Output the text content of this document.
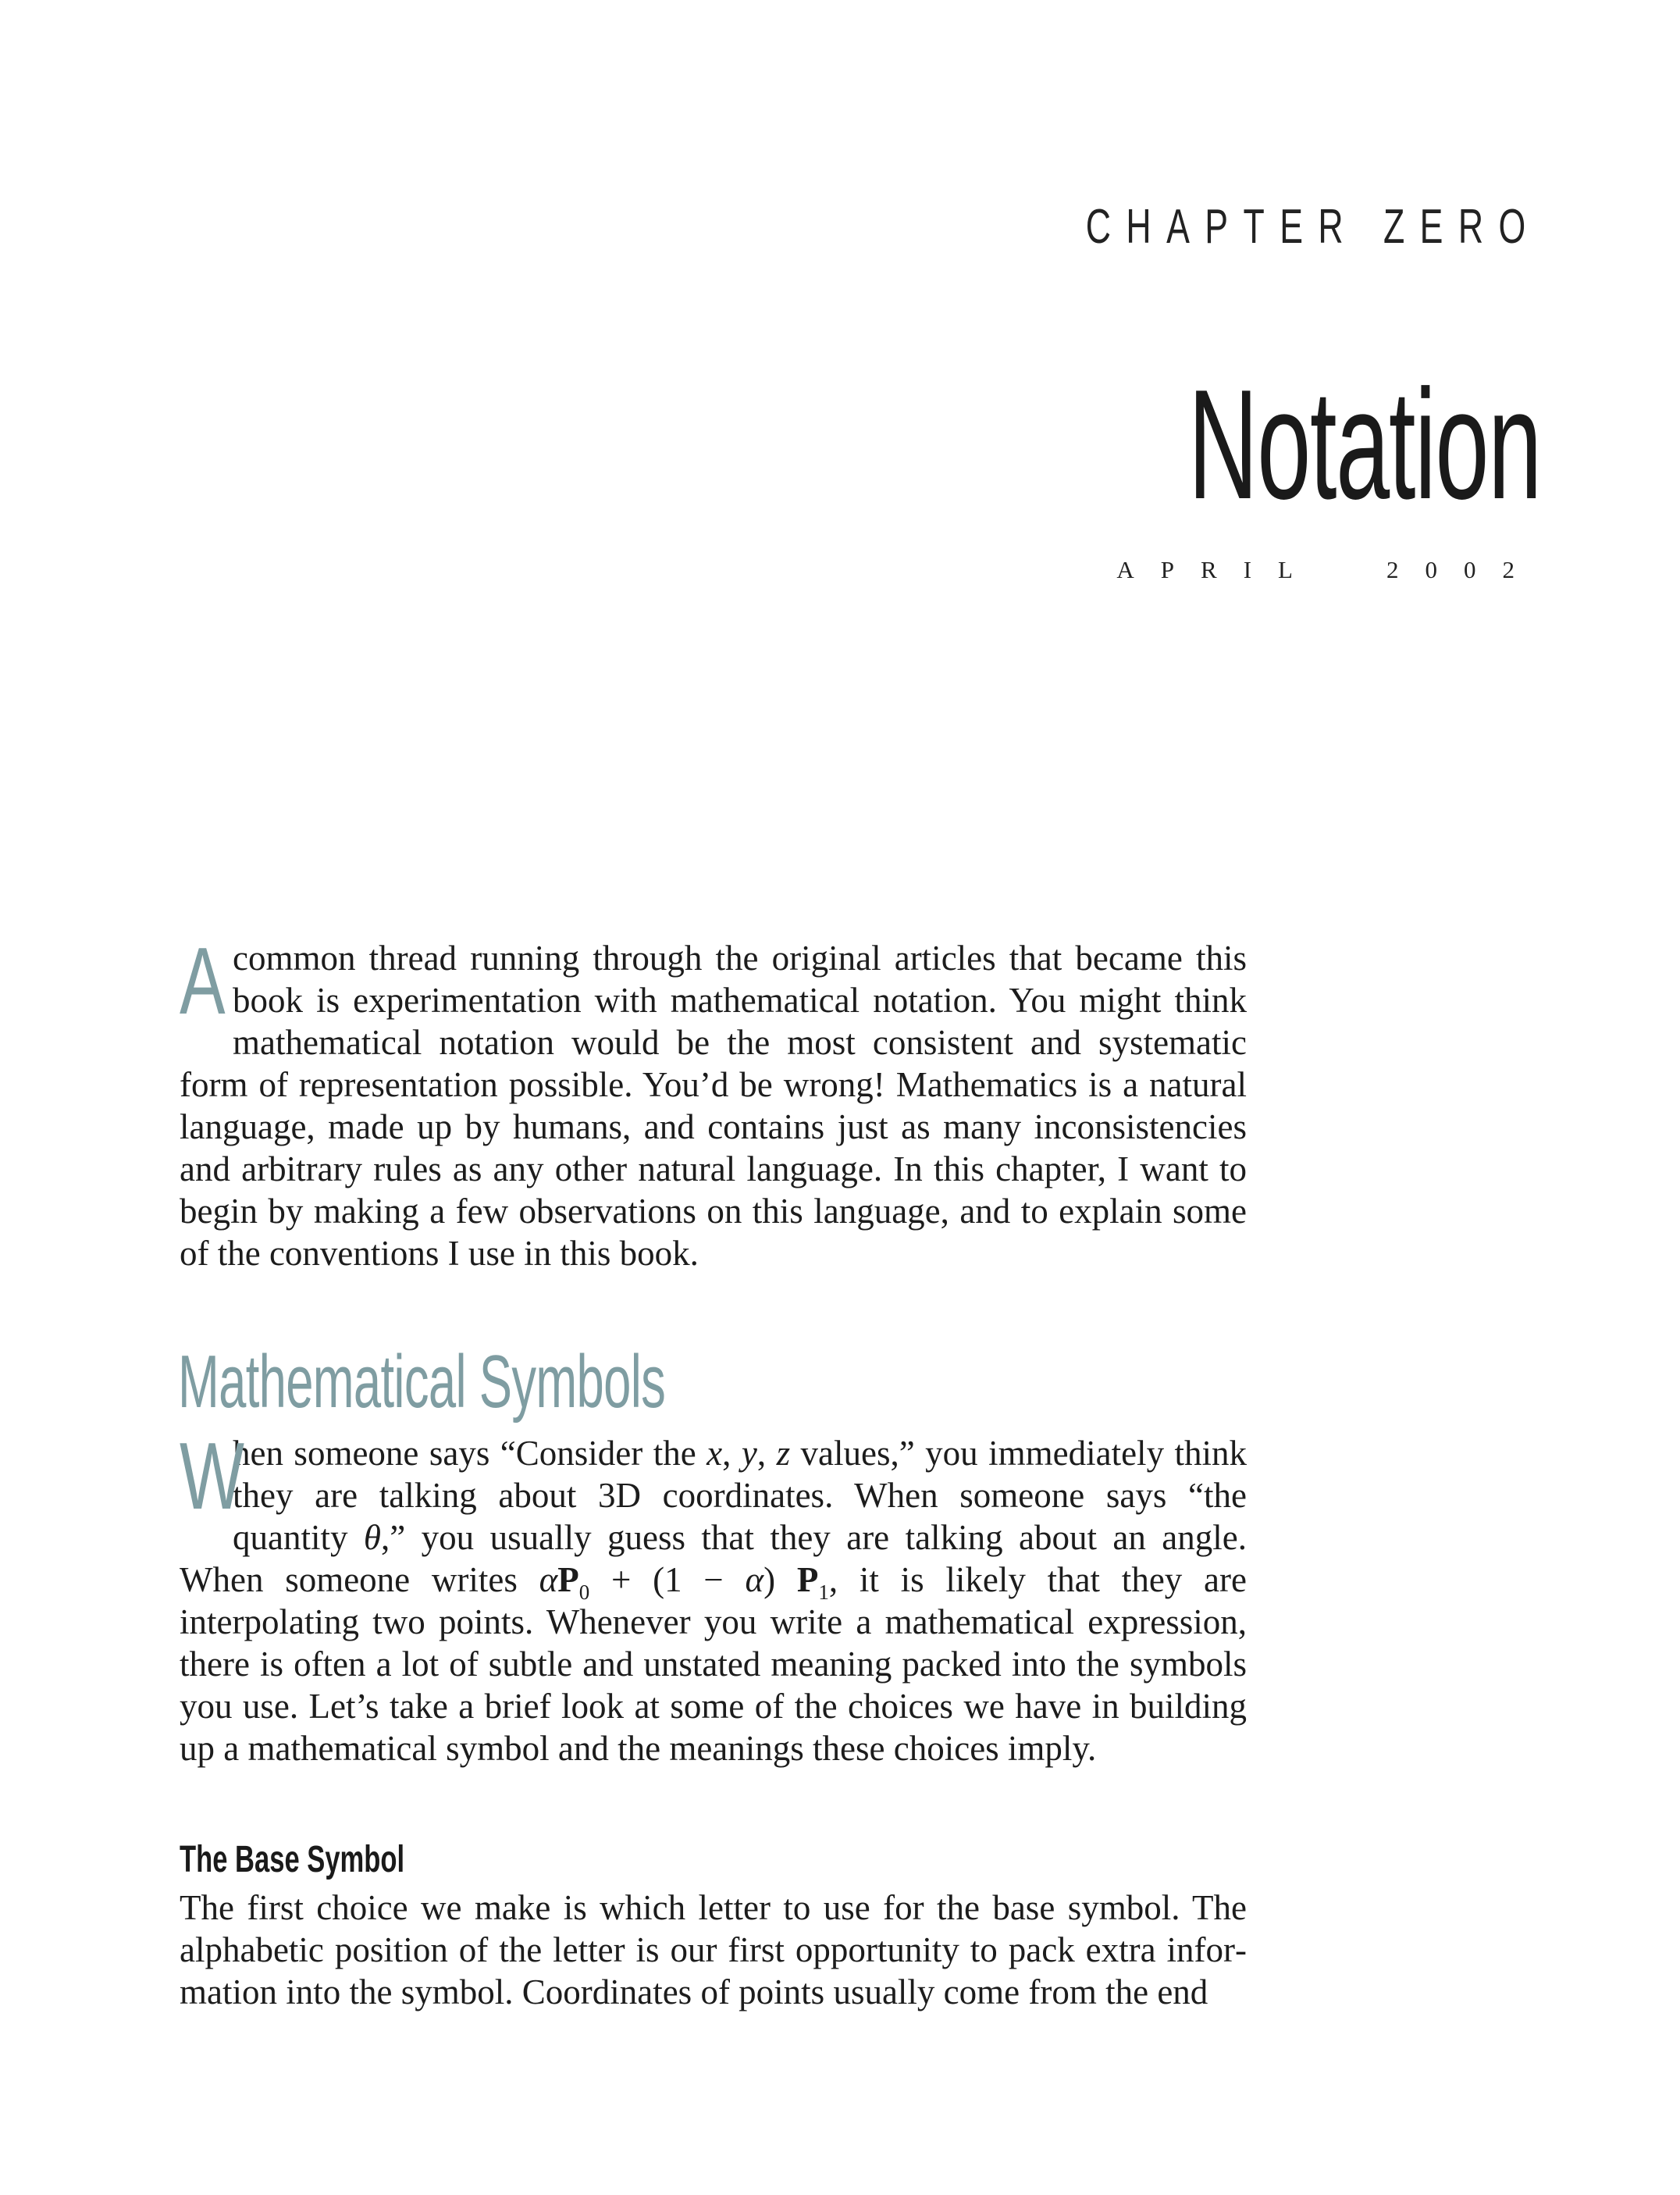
CHAPTER ZERO
Notation
APRIL	2002

Acommon thread running through the original articles that became this book is experimentation with mathematical notation. You might think mathematical notation would be the most consistent and systematic form of representation possible. You’d be wrong! Mathematics is a natural language, made up by humans, and contains just as many inconsistencies and arbitrary rules as any other natural language. In this chapter, I want to begin by making a few observations on this language, and to explain some of the conventions I use in this book.

Mathematical Symbols

W
hen someone says “Consider the x, y, z values,” you immediately think they are talking about 3D coordinates. When someone says “the quantity θ,” you usually guess that they are talking about an angle. When someone writes $\alpha P_0 + (1 - \alpha)$ $P_1$, it is likely that they are interpolating two points. Whenever you write a mathematical expression, there is often a lot of subtle and unstated meaning packed into the symbols you use. Let’s take a brief look at some of the choices we have in building up a mathematical symbol and the meanings these choices imply.

The Base Symbol

The first choice we make is which letter to use for the base symbol. The alphabetic position of the letter is our first opportunity to pack extra information into the symbol. Coordinates of points usually come from the end
